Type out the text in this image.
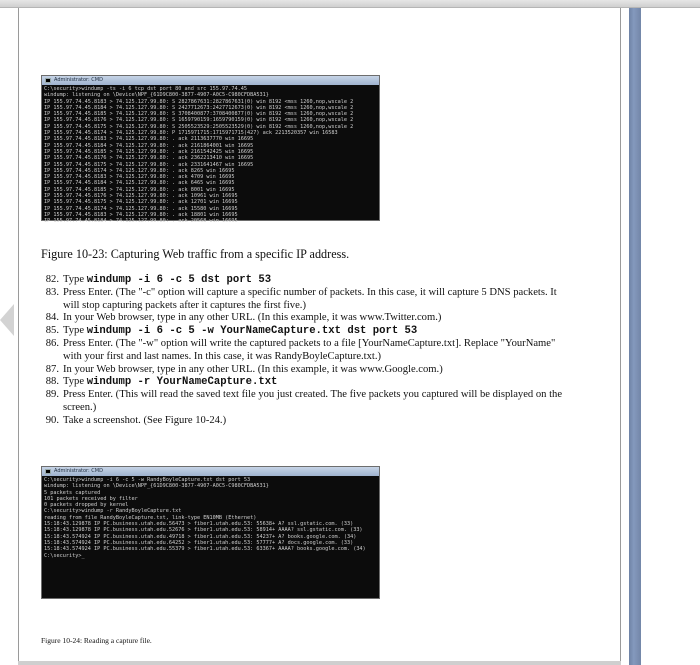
Administrator: CMD
C:\security>windump -ts -i 6 tcp dst port 80 and src 155.97.74.45
windump: listening on \Device\NPF_{61D9C800-3877-4907-A0C5-C980CFDBA531}
IP 155.97.74.45.8183 > 74.125.127.99.80: S 2827867631:2827867631(0) win 8192 <mss 1260,nop,wscale 2
IP 155.97.74.45.8184 > 74.125.127.99.80: S 2427712673:2427712673(0) win 8192 <mss 1260,nop,wscale 2
IP 155.97.74.45.8185 > 74.125.127.99.80: S 3708400877:3708400877(0) win 8192 <mss 1260,nop,wscale 2
IP 155.97.74.45.8176 > 74.125.127.99.80: S 1659790159:1659790159(0) win 8192 <mss 1260,nop,wscale 2
IP 155.97.74.45.8175 > 74.125.127.99.80: S 2505523529:2505523529(0) win 8192 <mss 1260,nop,wscale 2
IP 155.97.74.45.8174 > 74.125.127.99.80: P 1715971715:1715971715(427) ack 2213520357 win 16583
IP 155.97.74.45.8183 > 74.125.127.99.80: . ack 2113637770 win 16695
IP 155.97.74.45.8184 > 74.125.127.99.80: . ack 2161864001 win 16695
IP 155.97.74.45.8185 > 74.125.127.99.80: . ack 2161542425 win 16695
IP 155.97.74.45.8176 > 74.125.127.99.80: . ack 2362213410 win 16695
IP 155.97.74.45.8175 > 74.125.127.99.80: . ack 2331641467 win 16695
IP 155.97.74.45.8174 > 74.125.127.99.80: . ack 8265 win 16695
IP 155.97.74.45.8183 > 74.125.127.99.80: . ack 4709 win 16695
IP 155.97.74.45.8184 > 74.125.127.99.80: . ack 6465 win 16695
IP 155.97.74.45.8185 > 74.125.127.99.80: . ack 8001 win 16695
IP 155.97.74.45.8176 > 74.125.127.99.80: . ack 10961 win 16695
IP 155.97.74.45.8175 > 74.125.127.99.80: . ack 12701 win 16695
IP 155.97.74.45.8174 > 74.125.127.99.80: . ack 15580 win 16695
IP 155.97.74.45.8183 > 74.125.127.99.80: . ack 18801 win 16695
IP 155.97.74.45.8184 > 74.125.127.99.80: . ack 20568 win 16695
Figure 10-23: Capturing Web traffic from a specific IP address.
82. Type windump -i 6 -c 5 dst port 53
83. Press Enter. (The "-c" option will capture a specific number of packets. In this case, it will capture 5 DNS packets. It will stop capturing packets after it captures the first five.)
84. In your Web browser, type in any other URL. (In this example, it was www.Twitter.com.)
85. Type windump -i 6 -c 5 -w YourNameCapture.txt dst port 53
86. Press Enter. (The "-w" option will write the captured packets to a file [YourNameCapture.txt]. Replace "YourName" with your first and last names. In this case, it was RandyBoyleCapture.txt.)
87. In your Web browser, type in any other URL. (In this example, it was www.Google.com.)
88. Type windump -r YourNameCapture.txt
89. Press Enter. (This will read the saved text file you just created. The five packets you captured will be displayed on the screen.)
90. Take a screenshot. (See Figure 10-24.)
Administrator: CMD
C:\security>windump -i 6 -c 5 -w RandyBoyleCapture.txt dst port 53
windump: listening on \Device\NPF_{61D9C800-3877-4907-A0C5-C980CFDBA531}
5 packets captured
101 packets received by filter
0 packets dropped by kernel
C:\security>windump -r RandyBoyleCapture.txt
reading from file RandyBoyleCapture.txt, link-type EN10MB (Ethernet)
15:18:43.129878 IP PC.business.utah.edu.56473 > fiber1.utah.edu.53: 55638+ A? ssl.gstatic.com. (33)
15:18:43.129878 IP PC.business.utah.edu.52676 > fiber1.utah.edu.53: 58914+ AAAA? ssl.gstatic.com. (33)
15:18:43.574924 IP PC.business.utah.edu.49718 > fiber1.utah.edu.53: 54237+ A? books.google.com. (34)
15:18:43.574924 IP PC.business.utah.edu.64252 > fiber1.utah.edu.53: 57777+ A? docs.google.com. (33)
15:18:43.574924 IP PC.business.utah.edu.55379 > fiber1.utah.edu.53: 63367+ AAAA? books.google.com. (34)
C:\security>_
Figure 10-24: Reading a capture file.
